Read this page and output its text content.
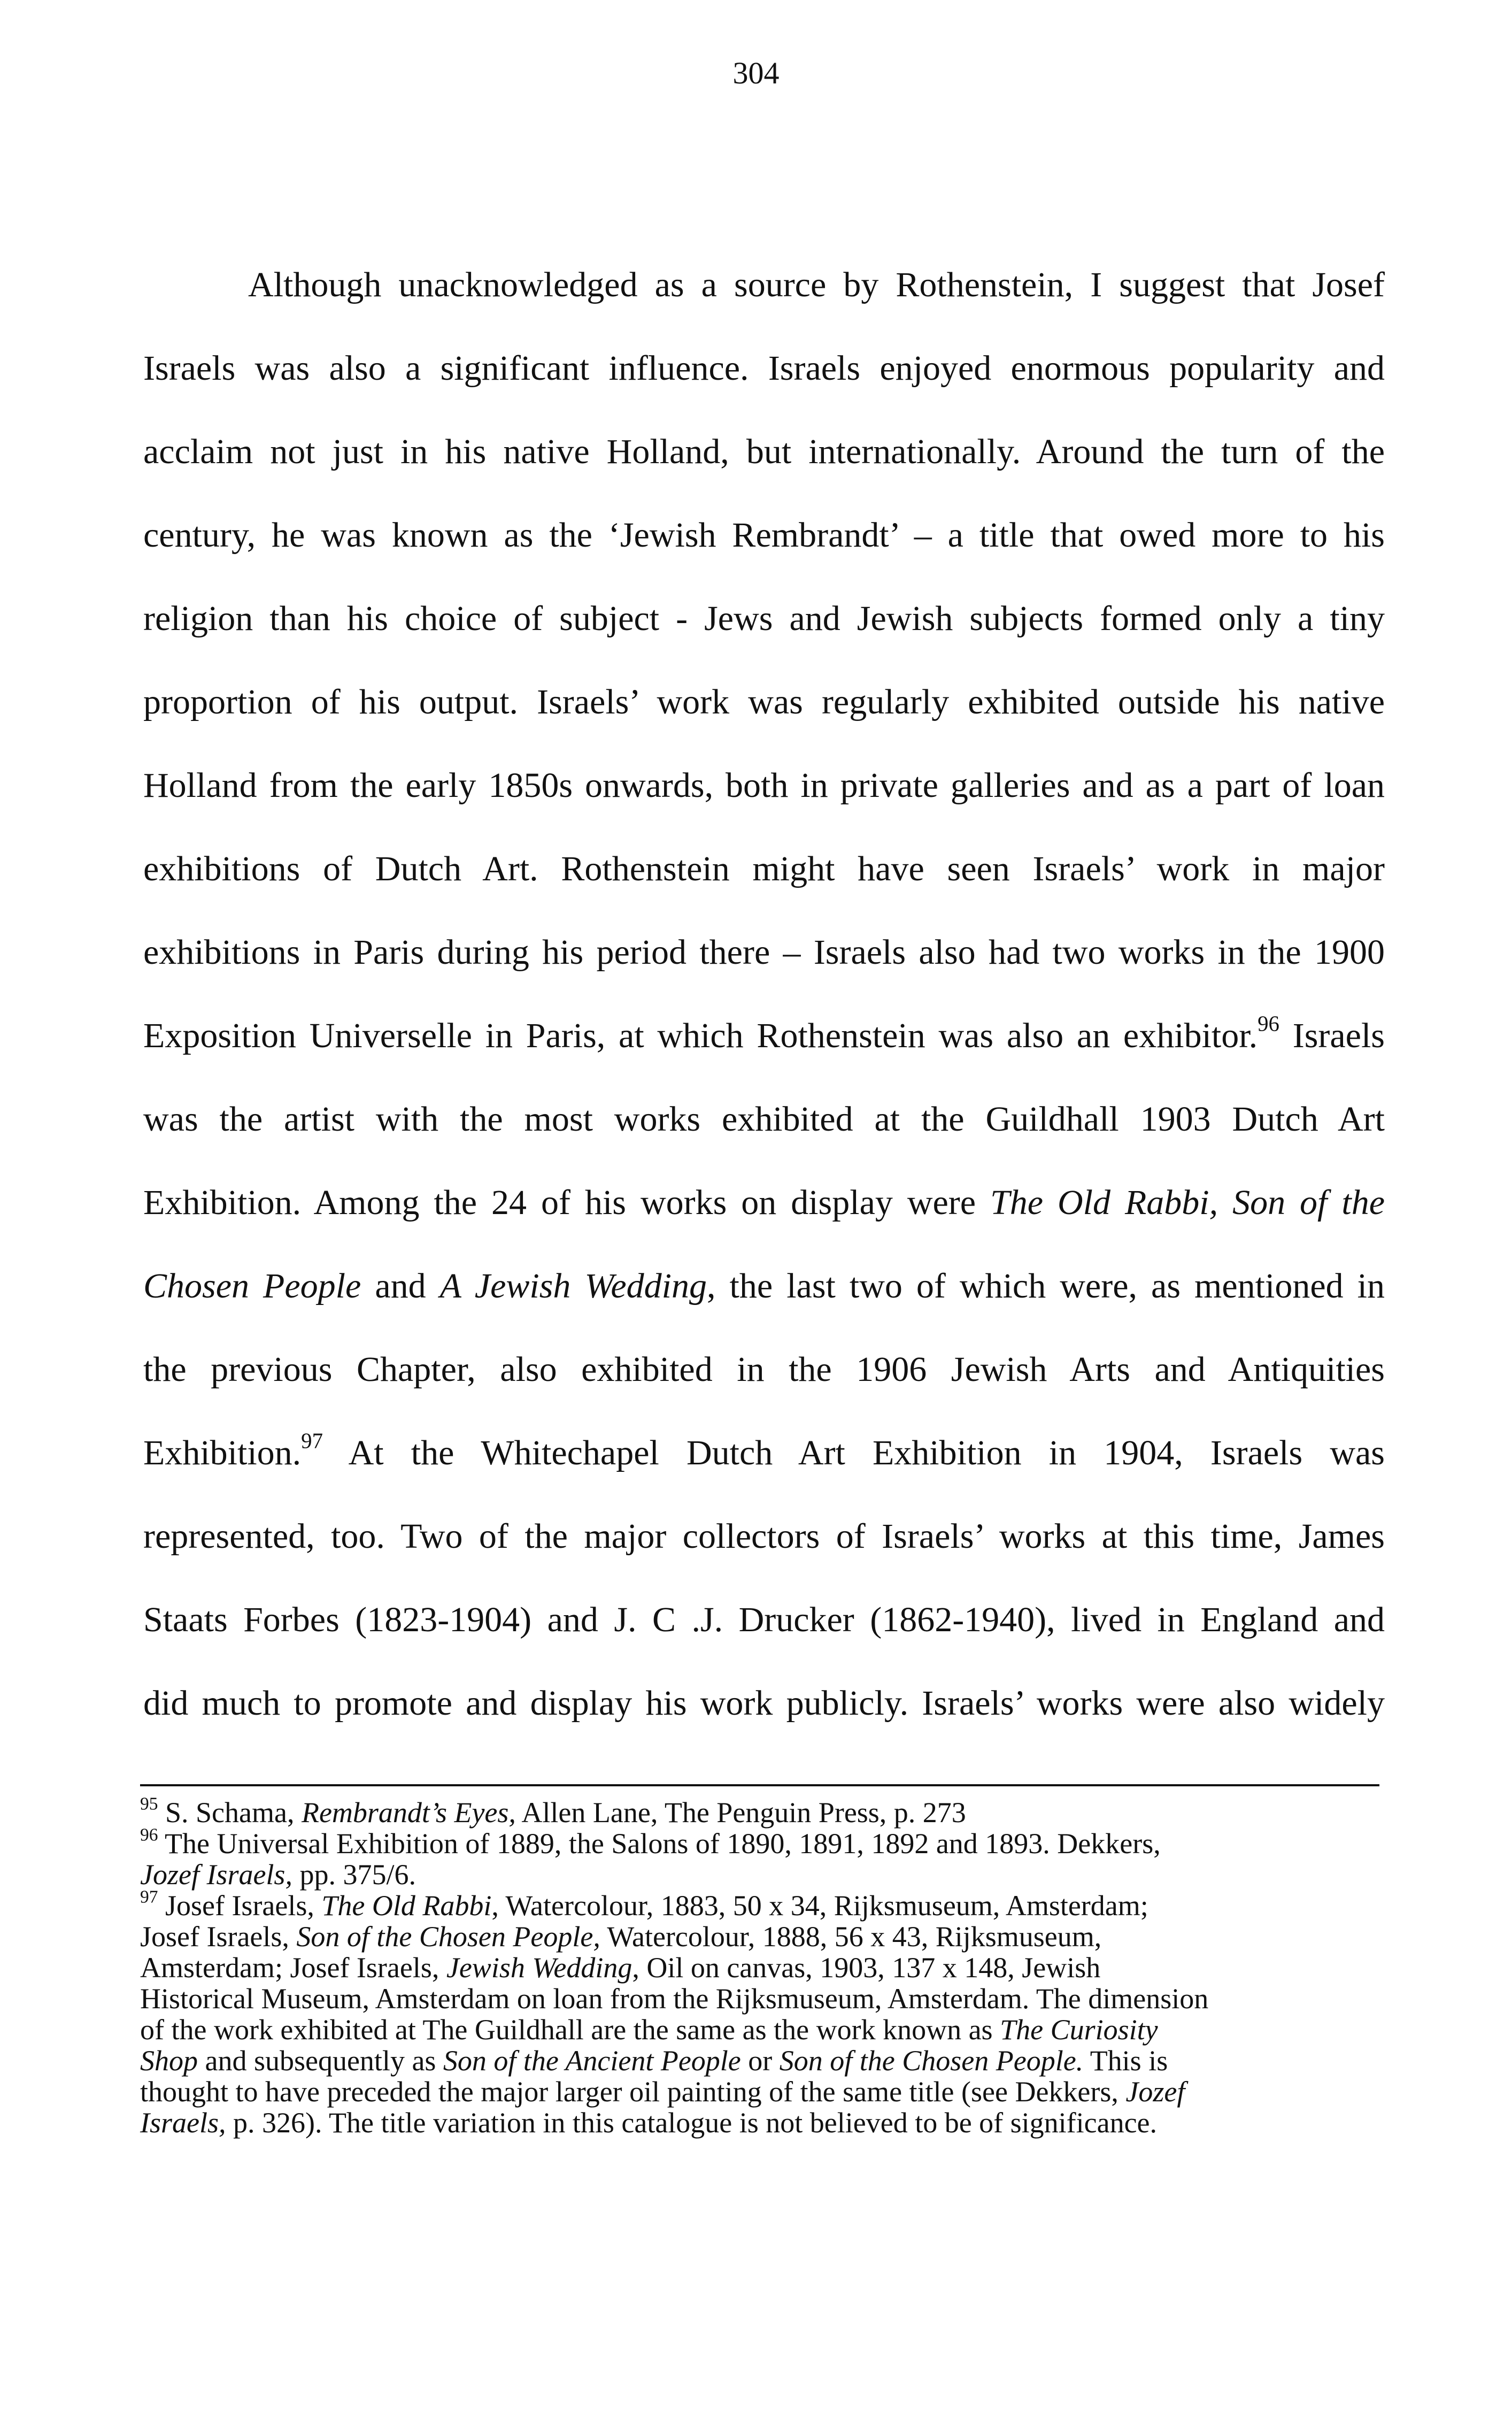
304
Although unacknowledged as a source by Rothenstein, I suggest that Josef
Israels was also a significant influence. Israels enjoyed enormous popularity and
acclaim not just in his native Holland, but internationally. Around the turn of the
century, he was known as the ‘Jewish Rembrandt’ – a title that owed more to his
religion than his choice of subject - Jews and Jewish subjects formed only a tiny
proportion of his output. Israels’ work was regularly exhibited outside his native
Holland from the early 1850s onwards, both in private galleries and as a part of loan
exhibitions of Dutch Art. Rothenstein might have seen Israels’ work in major
exhibitions in Paris during his period there – Israels also had two works in the 1900
Exposition Universelle in Paris, at which Rothenstein was also an exhibitor.$^{96}$ Israels
was the artist with the most works exhibited at the Guildhall 1903 Dutch Art
Exhibition. Among the 24 of his works on display were The Old Rabbi, Son of the
Chosen People and A Jewish Wedding, the last two of which were, as mentioned in
the previous Chapter, also exhibited in the 1906 Jewish Arts and Antiquities
Exhibition.$^{97}$ At the Whitechapel Dutch Art Exhibition in 1904, Israels was
represented, too. Two of the major collectors of Israels’ works at this time, James
Staats Forbes (1823-1904) and J. C .J. Drucker (1862-1940), lived in England and
did much to promote and display his work publicly. Israels’ works were also widely
$^{95}$ S. Schama, Rembrandt’s Eyes, Allen Lane, The Penguin Press, p. 273
$^{96}$ The Universal Exhibition of 1889, the Salons of 1890, 1891, 1892 and 1893. Dekkers,
Jozef Israels, pp. 375/6.
$^{97}$ Josef Israels, The Old Rabbi, Watercolour, 1883, 50 x 34, Rijksmuseum, Amsterdam;
Josef Israels, Son of the Chosen People, Watercolour, 1888, 56 x 43, Rijksmuseum,
Amsterdam; Josef Israels, Jewish Wedding, Oil on canvas, 1903, 137 x 148, Jewish
Historical Museum, Amsterdam on loan from the Rijksmuseum, Amsterdam. The dimension
of the work exhibited at The Guildhall are the same as the work known as The Curiosity
Shop and subsequently as Son of the Ancient People or Son of the Chosen People. This is
thought to have preceded the major larger oil painting of the same title (see Dekkers, Jozef
Israels, p. 326). The title variation in this catalogue is not believed to be of significance.
